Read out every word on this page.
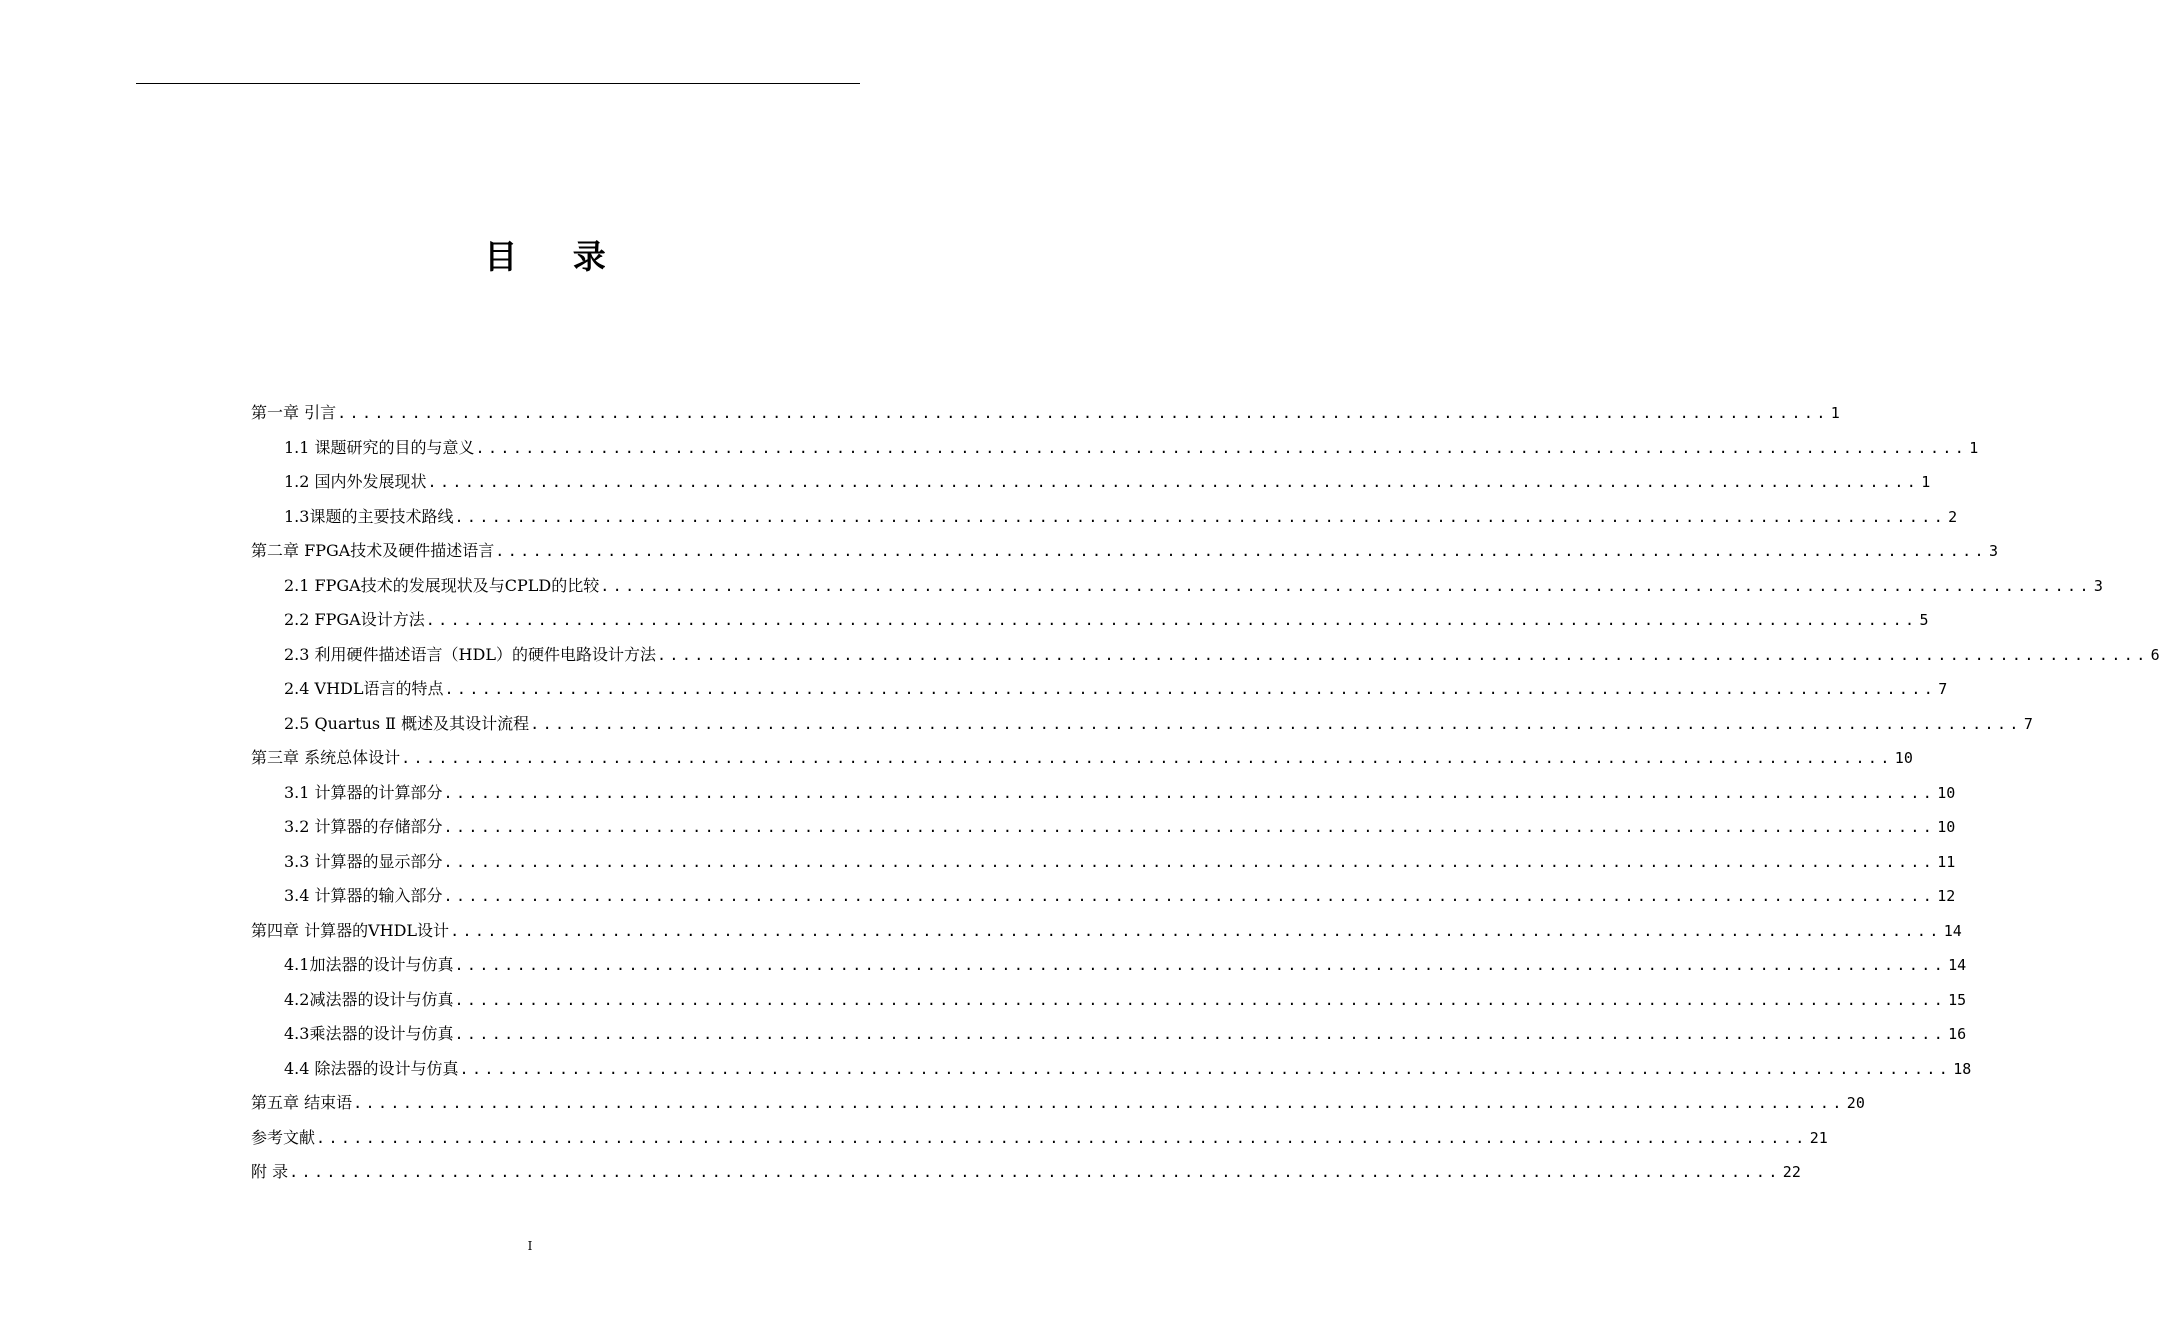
目 录
第一章 引言 ........................................................................................................................ 1
1.1 课题研究的目的与意义 ........................................................................................................................ 1
1.2 国内外发展现状 ........................................................................................................................ 1
1.3课题的主要技术路线 ........................................................................................................................ 2
第二章 FPGA技术及硬件描述语言 ........................................................................................................................ 3
2.1 FPGA技术的发展现状及与CPLD的比较 ........................................................................................................................ 3
2.2 FPGA设计方法 ........................................................................................................................ 5
2.3 利用硬件描述语言（HDL）的硬件电路设计方法 ........................................................................................................................ 6
2.4 VHDL语言的特点 ........................................................................................................................ 7
2.5 Quartus Ⅱ 概述及其设计流程 ........................................................................................................................ 7
第三章 系统总体设计 ........................................................................................................................ 10
3.1 计算器的计算部分 ........................................................................................................................ 10
3.2 计算器的存储部分 ........................................................................................................................ 10
3.3 计算器的显示部分 ........................................................................................................................ 11
3.4 计算器的输入部分 ........................................................................................................................ 12
第四章 计算器的VHDL设计 ........................................................................................................................ 14
4.1加法器的设计与仿真 ........................................................................................................................ 14
4.2减法器的设计与仿真 ........................................................................................................................ 15
4.3乘法器的设计与仿真 ........................................................................................................................ 16
4.4 除法器的设计与仿真 ........................................................................................................................ 18
第五章 结束语 ........................................................................................................................ 20
参考文献 ........................................................................................................................ 21
附 录 ........................................................................................................................ 22
I
